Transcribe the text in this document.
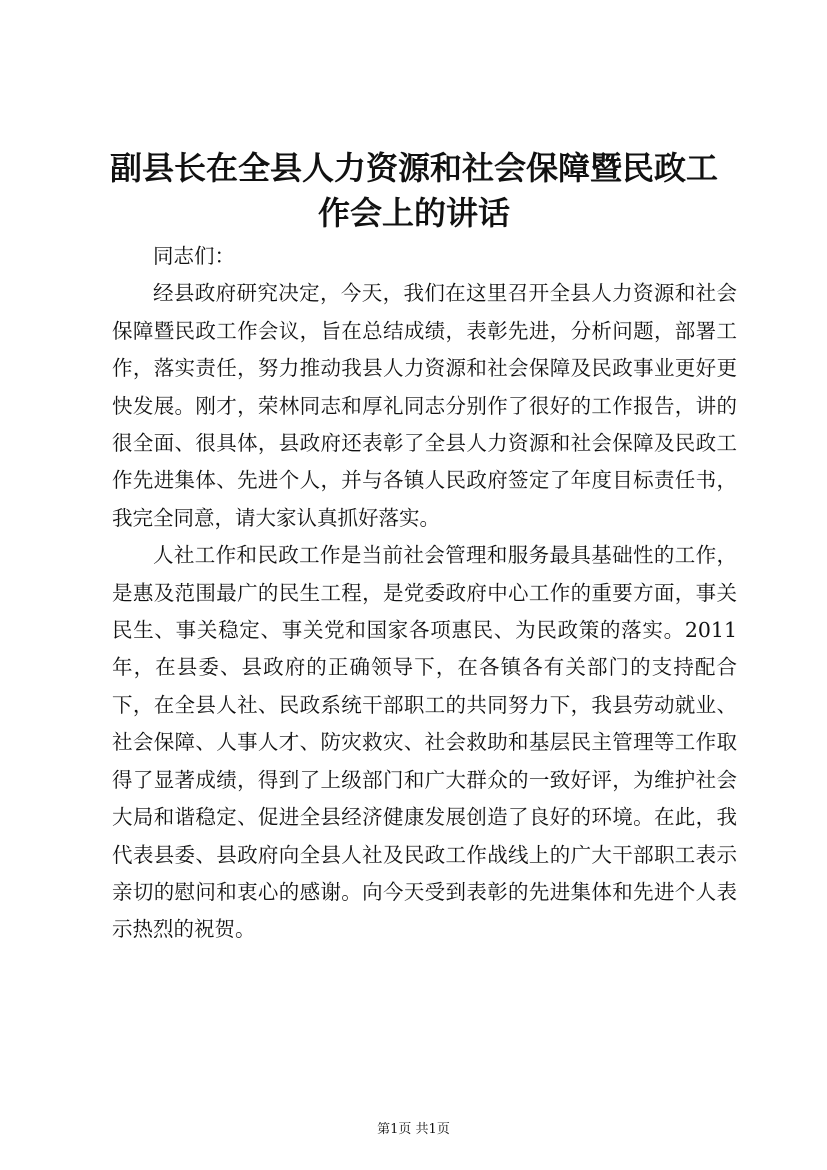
副县长在全县人力资源和社会保障暨民政工作会上的讲话

同志们：

经县政府研究决定，今天，我们在这里召开全县人力资源和社会保障暨民政工作会议，旨在总结成绩，表彰先进，分析问题，部署工作，落实责任，努力推动我县人力资源和社会保障及民政事业更好更快发展。刚才，荣林同志和厚礼同志分别作了很好的工作报告，讲的很全面、很具体，县政府还表彰了全县人力资源和社会保障及民政工作先进集体、先进个人，并与各镇人民政府签定了年度目标责任书，我完全同意，请大家认真抓好落实。

人社工作和民政工作是当前社会管理和服务最具基础性的工作，是惠及范围最广的民生工程，是党委政府中心工作的重要方面，事关民生、事关稳定、事关党和国家各项惠民、为民政策的落实。2011年，在县委、县政府的正确领导下，在各镇各有关部门的支持配合下，在全县人社、民政系统干部职工的共同努力下，我县劳动就业、社会保障、人事人才、防灾救灾、社会救助和基层民主管理等工作取得了显著成绩，得到了上级部门和广大群众的一致好评，为维护社会大局和谐稳定、促进全县经济健康发展创造了良好的环境。在此，我代表县委、县政府向全县人社及民政工作战线上的广大干部职工表示亲切的慰问和衷心的感谢。向今天受到表彰的先进集体和先进个人表示热烈的祝贺。

第1页 共1页
